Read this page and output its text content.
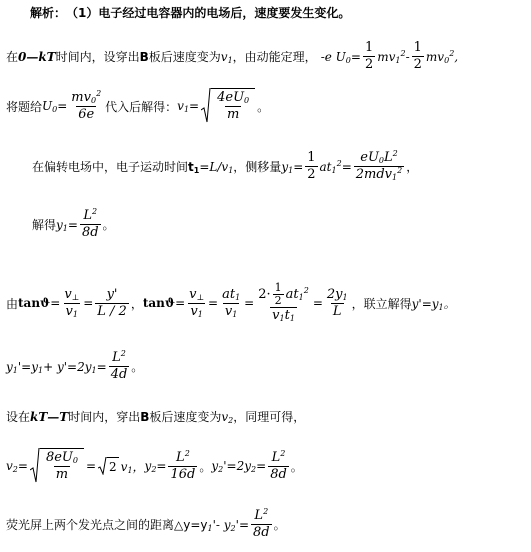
解析： （1）电子经过电容器内的电场后，速度要发生变化。
在 0—kT 时间内，设穿出 B 板后速度变为 $v_1$ ，由动能定理， -e $U_0= \frac{1}{2} mv_1^2- \frac{1}{2} mv_0^2$,
将题给 $U_0= \frac{mv_0^2}{6e}$ 代入后解得： $v_1= \frac{4eU_0}{m}$ 。
在偏转电场中，电子运动时间 $t_1 = L/v_1$ ，侧移量 $y_1= \frac{1}{2} at_1^2= \frac{eU_0L^2}{2mdv_1^2}$ ，
解得 $y_1= \frac{L^2}{8d}$ 。
由 $\tan ϑ = \frac{v_\perp}{v_1} = \frac{y'}{L / 2}$ ， $\tan ϑ = \frac{v_\perp}{v_1} = \frac{at_1}{v_1} = \frac{2\cdot \frac{1}{2} at_1^2}{v_1t_1} = \frac{2y_1}{L}$ ，联立解得 $y'=y_1$。
$y_1'=y_1+ y'=2y_1= \frac{L^2}{4d}$ 。
设在 kT—T 时间内，穿出 B 板后速度变为 $v_2$ ，同理可得，
$v_2= \frac{8eU_0}{m} = 2$ $v_1$， $y_2= \frac{L^2}{16d}$ 。 $y_2'=2y_2= \frac{L^2}{8d}$ 。
荧光屏上两个发光点之间的距离△y=y $_1$'- $y_2'= \frac{L^2}{8d}$ 。
